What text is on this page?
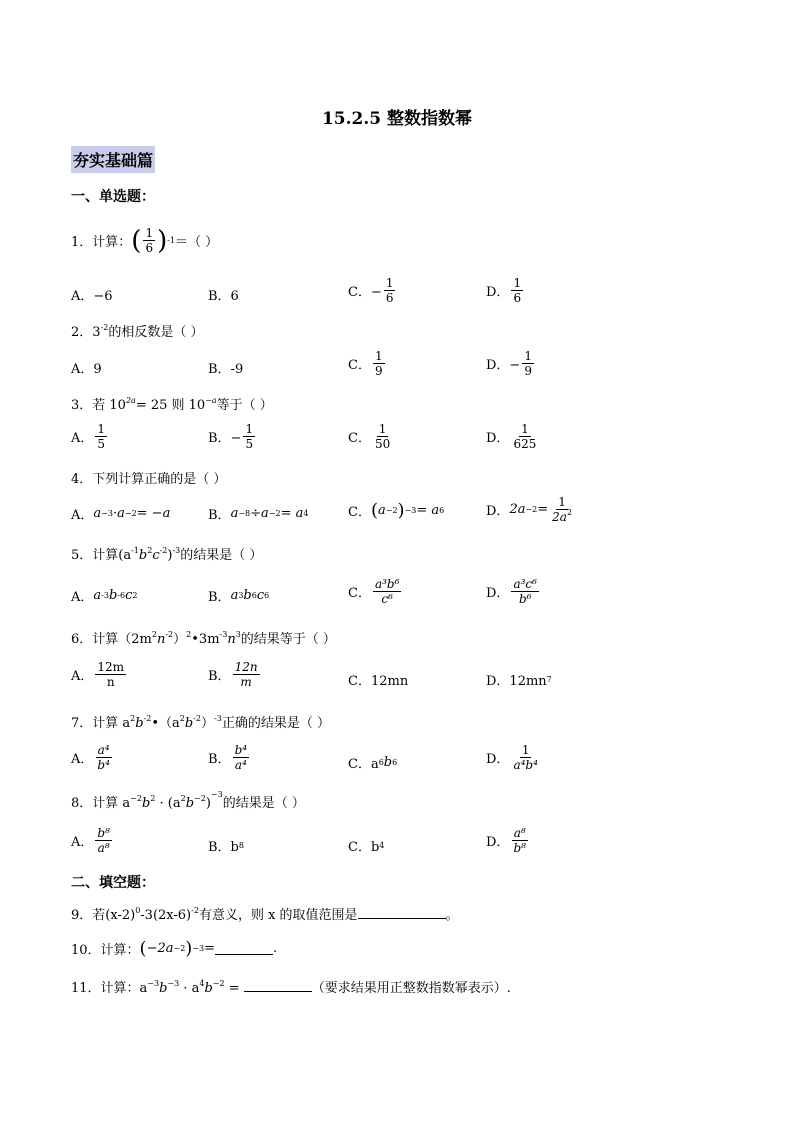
15.2.5 整数指数幂
夯实基础篇
一、单选题：
1．计算： ( $\frac{1}{6}$ ) -1 ＝（ ）
A．−6	B．6	C．− $\frac{1}{6}$	D． $\frac{1}{6}$
2．$3^{-2}$的相反数是（ ）
A．9	B．-9	C． $\frac{1}{9}$	D．− $\frac{1}{9}$
3．若 $10^{2a}= 25$ 则 $10^{-a}$等于（ ）
A． $\frac{1}{5}$	B．− $\frac{1}{5}$	C． $\frac{1}{50}$	D． $\frac{1}{625}$
4．下列计算正确的是（ ）
A． a −3 · a −2 = −a	B． a −8 ÷ a −2 = a 4	C． ( a −2 ) −3 = a 6	D． $2a -2 = \frac{1}{2a^2}$
5．计算$(a^{-1}b^2c^{-2})^{-3}$的结果是（ ）
A． a -3 b -6 c 2	B． a 3 b 6 c 6	C． $\frac{\text{a³b⁶}}{\text{c⁶}}$	D． $\frac{\text{a³c⁶}}{\text{b⁶}}$
6．计算$(2m^2n^{-2})^2•3m^{-3}n^3$的结果等于（ ）
A． $\frac{12m}{n}$	B． $\frac{12n}{m}$	C．12mn	D．12mn 7
7．计算 $a^2b^{-2}•(a^2b^{-2})^{-3}$正确的结果是（ ）
A． $\frac{\text{a⁴}}{\text{b⁴}}$	B． $\frac{\text{b⁴}}{\text{a⁴}}$	C．a 6 b 6	D． $\frac{1}{\text{a⁴b⁴}}$
8．计算 $a^{-2}b^2 \cdot (a^2b^{-2})^{-3}$的结果是（ ）
A． $\frac{\text{b⁸}}{\text{a⁸}}$	B．b 8	C．b 4	D． $\frac{\text{a⁸}}{\text{b⁸}}$
二、填空题：
9．若$(x-2)^0-3(2x-6)^{-2}$有意义，则 x 的取值范围是	。
10．计算： ( −2a −2 ) −3 =	.
11．计算：$a^{-3}b^{-3} \cdot a^4b^{-2}$ =	（要求结果用正整数指数幂表示）.
